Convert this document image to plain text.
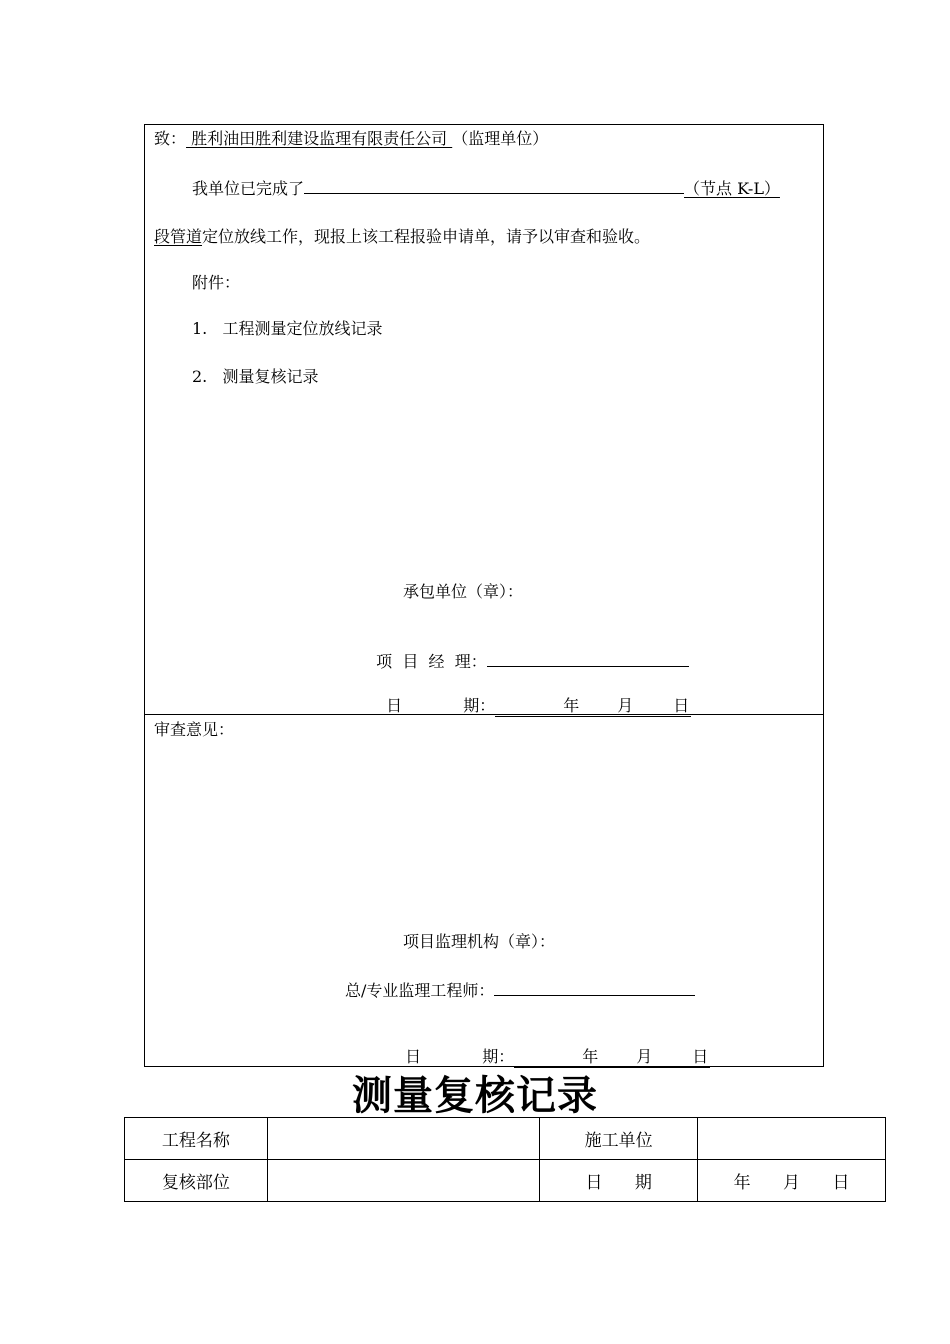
致： 胜利油田胜利建设监理有限责任公司 （监理单位）
我单位已完成了	（节点 K-L）
段管道定位放线工作，现报上该工程报验申请单，请予以审查和验收。
附件：
1.   工程测量定位放线记录
2.   测量复核记录
承包单位（章）：

项  目  经  理：

日            期：	年 月 日

审查意见：
项目监理机构（章）：
总/专业监理工程师：

日            期：	年 月 日

测量复核记录
工程名称		施工单位	
复核部位		日      期	年      月      日
